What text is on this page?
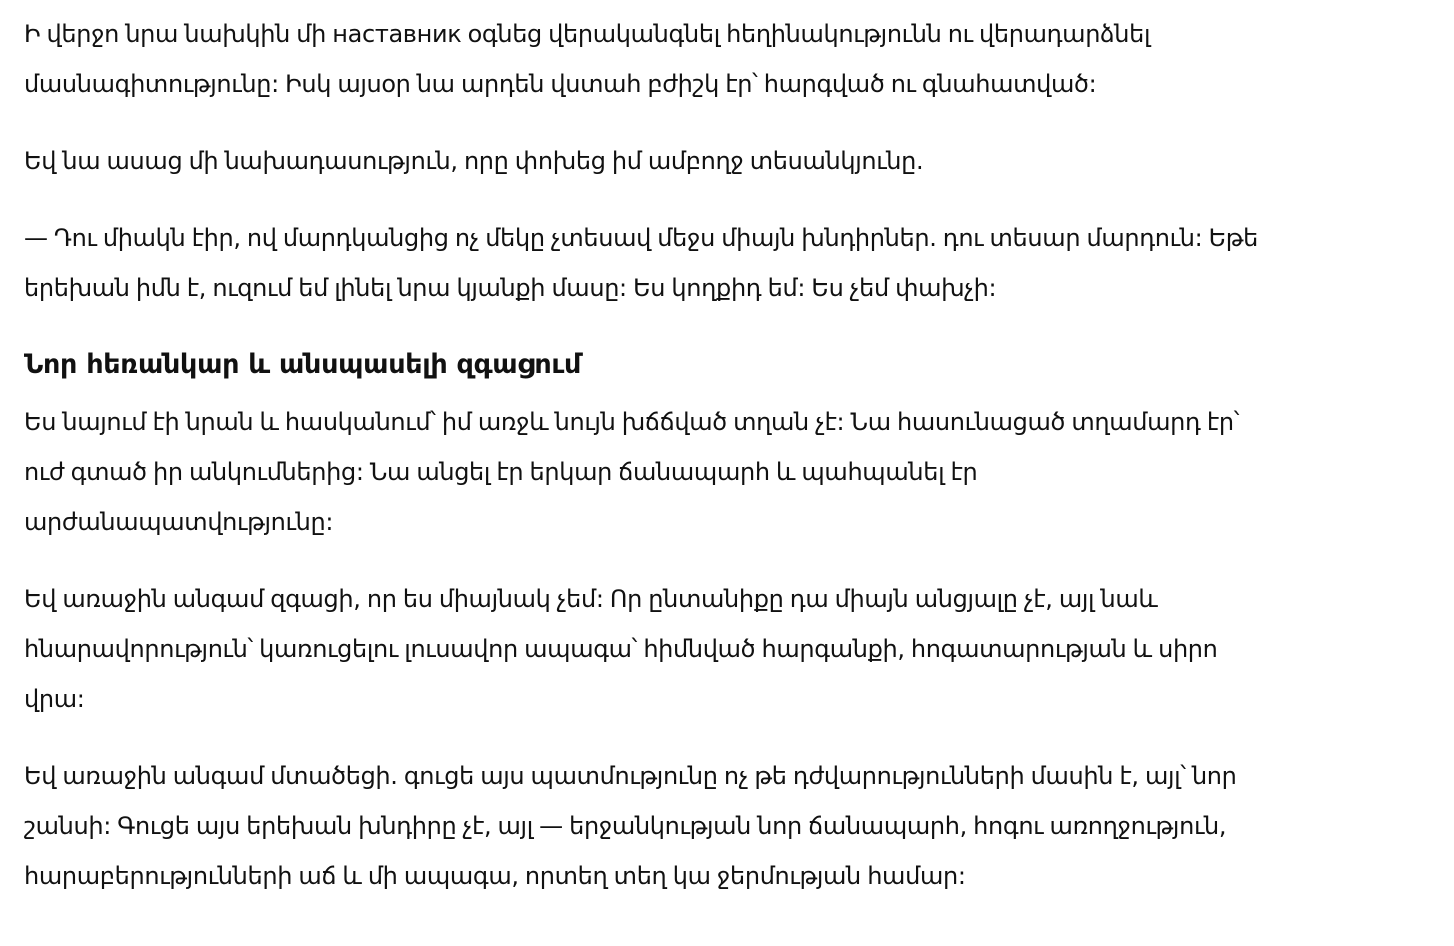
Ի վերջո նրա նախկին մի наставник օգնեց վերականգնել հեղինակությունն ու վերադարձնել
մասնագիտությունը: Իսկ այսօր նա արդեն վստահ բժիշկ էր՝ հարգված ու գնահատված:

Եվ նա ասաց մի նախադասություն, որը փոխեց իմ ամբողջ տեսանկյունը.

— Դու միակն էիր, ով մարդկանցից ոչ մեկը չտեսավ մեջս միայն խնդիրներ. դու տեսար մարդուն: Եթե
երեխան իմն է, ուզում եմ լինել նրա կյանքի մասը: Ես կողքիդ եմ: Ես չեմ փախչի:

Նոր հեռանկար և անսպասելի զգացում

Ես նայում էի նրան և հասկանում՝ իմ առջև նույն խճճված տղան չէ: Նա հասունացած տղամարդ էր՝
ուժ գտած իր անկումներից: Նա անցել էր երկար ճանապարհ և պահպանել էր
արժանապատվությունը:

Եվ առաջին անգամ զգացի, որ ես միայնակ չեմ: Որ ընտանիքը դա միայն անցյալը չէ, այլ նաև
հնարավորություն՝ կառուցելու լուսավոր ապագա՝ հիմնված հարգանքի, հոգատարության և սիրո
վրա:

Եվ առաջին անգամ մտածեցի. գուցե այս պատմությունը ոչ թե դժվարությունների մասին է, այլ՝ նոր
շանսի: Գուցե այս երեխան խնդիրը չէ, այլ — երջանկության նոր ճանապարհ, հոգու առողջություն,
հարաբերությունների աճ և մի ապագա, որտեղ տեղ կա ջերմության համար:
